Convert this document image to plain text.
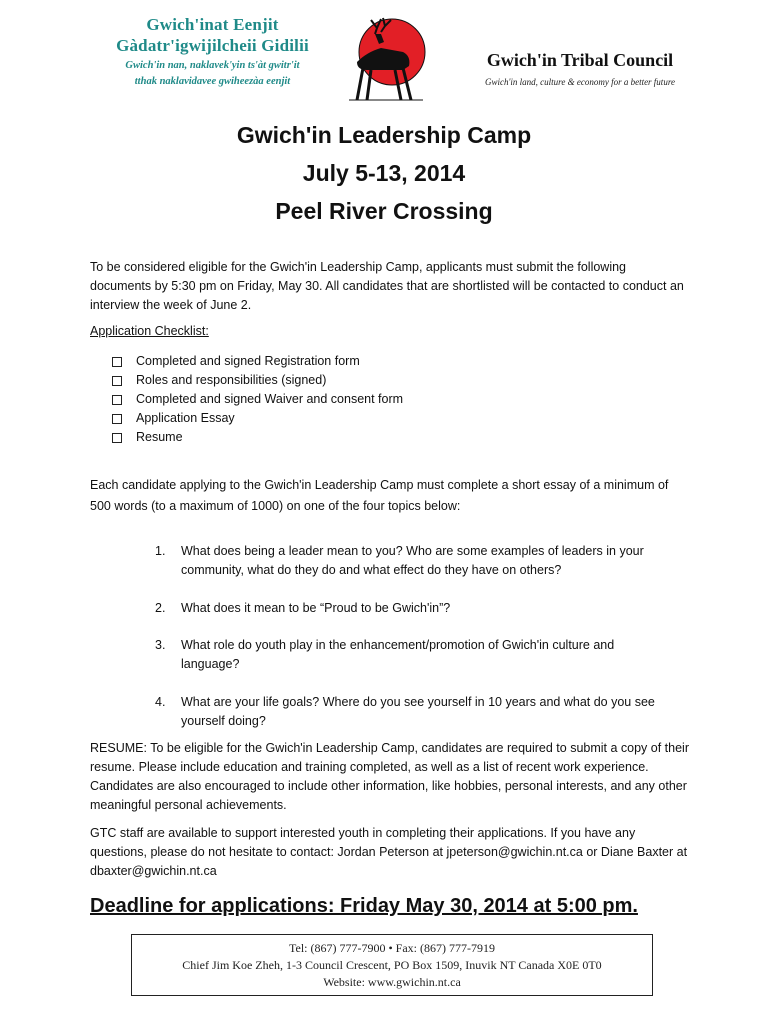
Gwich'inat Eenjit
Gàdatr'igwijilcheii Gidilii
Gwich'in nan, naklavek'yin ts'àt gwitr'it
tthak naklavidavee gwiheezàa eenjit
Gwich'in Tribal Council
Gwich'in land, culture & economy for a better future
Gwich'in Leadership Camp
July 5-13, 2014
Peel River Crossing
To be considered eligible for the Gwich'in Leadership Camp, applicants must submit the following documents by 5:30 pm on Friday, May 30. All candidates that are shortlisted will be contacted to conduct an interview the week of June 2.
Application Checklist:
Completed and signed Registration form
Roles and responsibilities (signed)
Completed and signed Waiver and consent form
Application Essay
Resume
Each candidate applying to the Gwich'in Leadership Camp must complete a short essay of a minimum of 500 words (to a maximum of 1000) on one of the four topics below:
1.	What does being a leader mean to you? Who are some examples of leaders in your community, what do they do and what effect do they have on others?
2.	What does it mean to be “Proud to be Gwich'in”?
3.	What role do youth play in the enhancement/promotion of Gwich'in culture and language?
4.	What are your life goals? Where do you see yourself in 10 years and what do you see yourself doing?
RESUME: To be eligible for the Gwich'in Leadership Camp, candidates are required to submit a copy of their resume. Please include education and training completed, as well as a list of recent work experience. Candidates are also encouraged to include other information, like hobbies, personal interests, and any other meaningful personal achievements.
GTC staff are available to support interested youth in completing their applications. If you have any questions, please do not hesitate to contact: Jordan Peterson at jpeterson@gwichin.nt.ca or Diane Baxter at dbaxter@gwichin.nt.ca
Deadline for applications: Friday May 30, 2014 at 5:00 pm.
Tel: (867) 777-7900 • Fax: (867) 777-7919
Chief Jim Koe Zheh, 1-3 Council Crescent, PO Box 1509, Inuvik NT Canada X0E 0T0
Website: www.gwichin.nt.ca
